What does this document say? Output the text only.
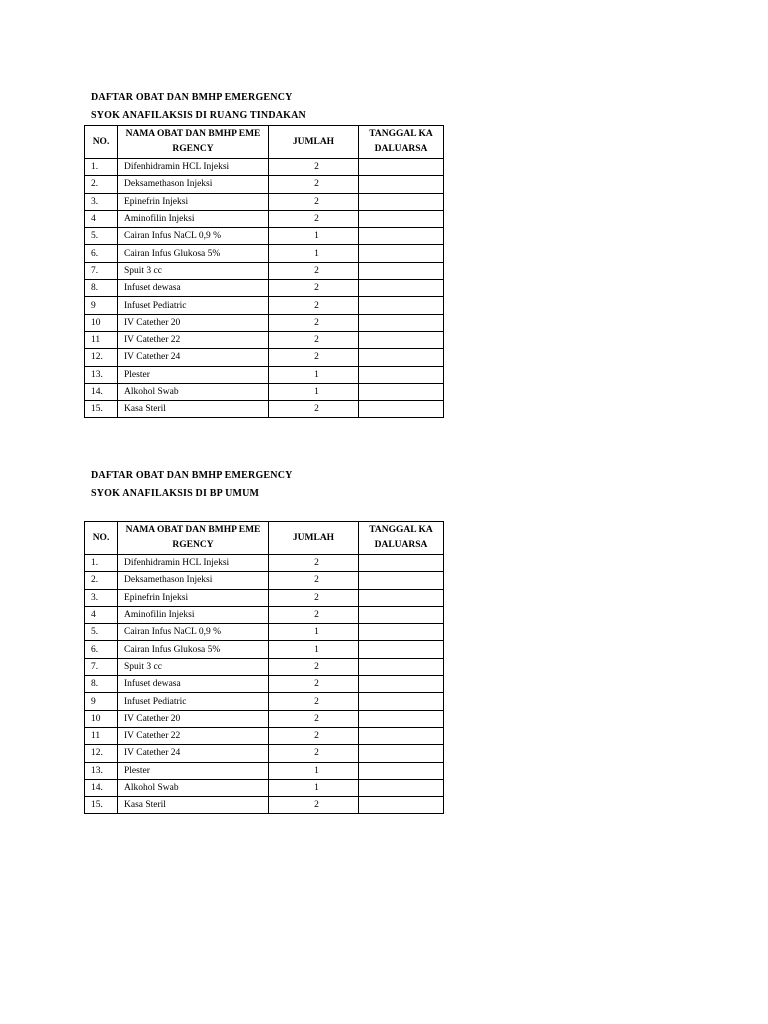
DAFTAR OBAT DAN BMHP EMERGENCY
SYOK ANAFILAKSIS DI RUANG TINDAKAN
NO.	NAMA OBAT DAN BMHP EME RGENCY	JUMLAH	TANGGAL KA DALUARSA
1.	Difenhidramin HCL Injeksi	2	
2.	Deksamethason Injeksi	2	
3.	Epinefrin Injeksi	2	
4	Aminofilin Injeksi	2	
5.	Cairan Infus NaCL 0,9 %	1	
6.	Cairan Infus Glukosa 5%	1	
7.	Spuit 3 cc	2	
8.	Infuset dewasa	2	
9	Infuset Pediatric	2	
10	IV Catether 20	2	
11	IV Catether 22	2	
12.	IV Catether 24	2	
13.	Plester	1	
14.	Alkohol Swab	1	
15.	Kasa Steril	2	
DAFTAR OBAT DAN BMHP EMERGENCY
SYOK ANAFILAKSIS DI BP UMUM
NO.	NAMA OBAT DAN BMHP EME RGENCY	JUMLAH	TANGGAL KA DALUARSA
1.	Difenhidramin HCL Injeksi	2	
2.	Deksamethason Injeksi	2	
3.	Epinefrin Injeksi	2	
4	Aminofilin Injeksi	2	
5.	Cairan Infus NaCL 0,9 %	1	
6.	Cairan Infus Glukosa 5%	1	
7.	Spuit 3 cc	2	
8.	Infuset dewasa	2	
9	Infuset Pediatric	2	
10	IV Catether 20	2	
11	IV Catether 22	2	
12.	IV Catether 24	2	
13.	Plester	1	
14.	Alkohol Swab	1	
15.	Kasa Steril	2	
